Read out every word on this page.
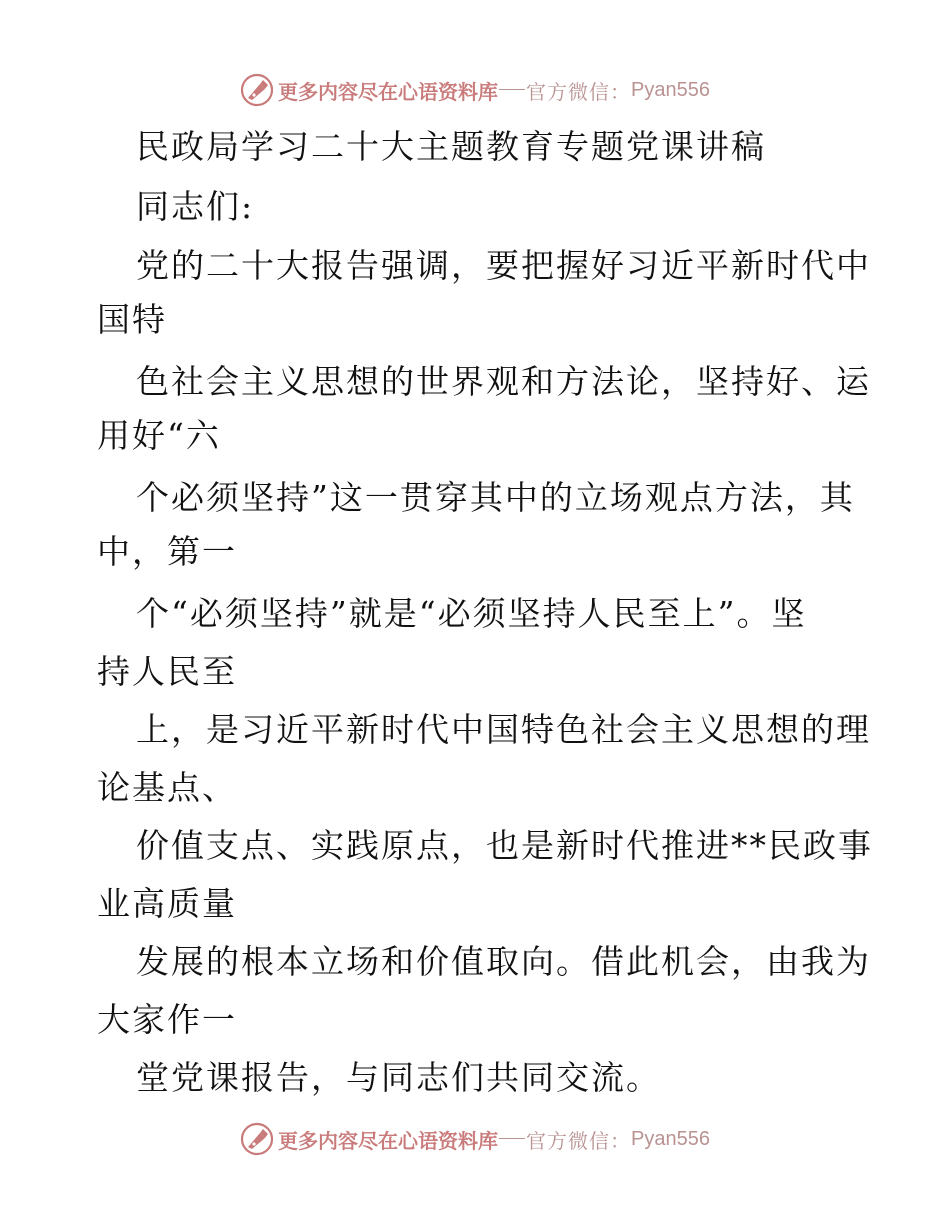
更多内容尽在心语资料库 官方微信： Pyan556

民政局学习二十大主题教育专题党课讲稿

同志们:

党的二十大报告强调，要把握好习近平新时代中

国特

色社会主义思想的世界观和方法论，坚持好、运

用好“六

个必须坚持”这一贯穿其中的立场观点方法，其

中，第一

个“必须坚持”就是“必须坚持人民至上”。坚

持人民至

上，是习近平新时代中国特色社会主义思想的理

论基点、

价值支点、实践原点，也是新时代推进**民政事

业高质量

发展的根本立场和价值取向。借此机会，由我为

大家作一

堂党课报告，与同志们共同交流。

更多内容尽在心语资料库 官方微信： Pyan556
